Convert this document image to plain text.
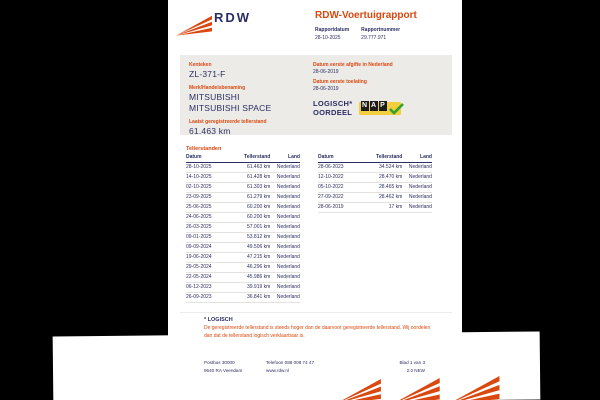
RDW	RDW-Voertuigrapport
Rapportdatum
28-10-2025
Rapportnummer
29.777.971
Kenteken
ZL-371-F
Merk/Handelsbenaming
MITSUBISHI
MITSUBISHI SPACE
Laatst geregistreerde tellerstand
61.463 km
Datum eerste afgifte in Nederland
28-06-2019
Datum eerste toelating
28-06-2019
LOGISCH*
OORDEEL
N A P
Tellerstanden
Datum	Tellerstand	Land
28-10-2025	61.463 km	Nederland
14-10-2025	61.428 km	Nederland
02-10-2025	61.303 km	Nederland
23-09-2025	61.279 km	Nederland
25-06-2025	60.200 km	Nederland
24-06-2025	60.200 km	Nederland
26-03-2025	57.001 km	Nederland
09-01-2025	53.812 km	Nederland
09-09-2024	49.506 km	Nederland
19-06-2024	47.215 km	Nederland
29-05-2024	46.296 km	Nederland
22-05-2024	45.986 km	Nederland
06-12-2023	39.919 km	Nederland
26-09-2023	36.841 km	Nederland
Datum	Tellerstand	Land
28-06-2023	34.524 km	Nederland
12-10-2022	28.470 km	Nederland
05-10-2022	28.465 km	Nederland
27-09-2022	28.462 km	Nederland
28-06-2019	17 km	Nederland
* LOGISCH
De geregistreerde tellerstand is steeds hoger dan de daarvoor geregistreerde tellerstand. Wij oordelen dan dat de tellerstand logisch verklaarbaar is.
Postbus 30000
9640 RA Veendam
Telefoon 088 008 74 47
www.rdw.nl
Blad 1 van 3
2.0 NEW
